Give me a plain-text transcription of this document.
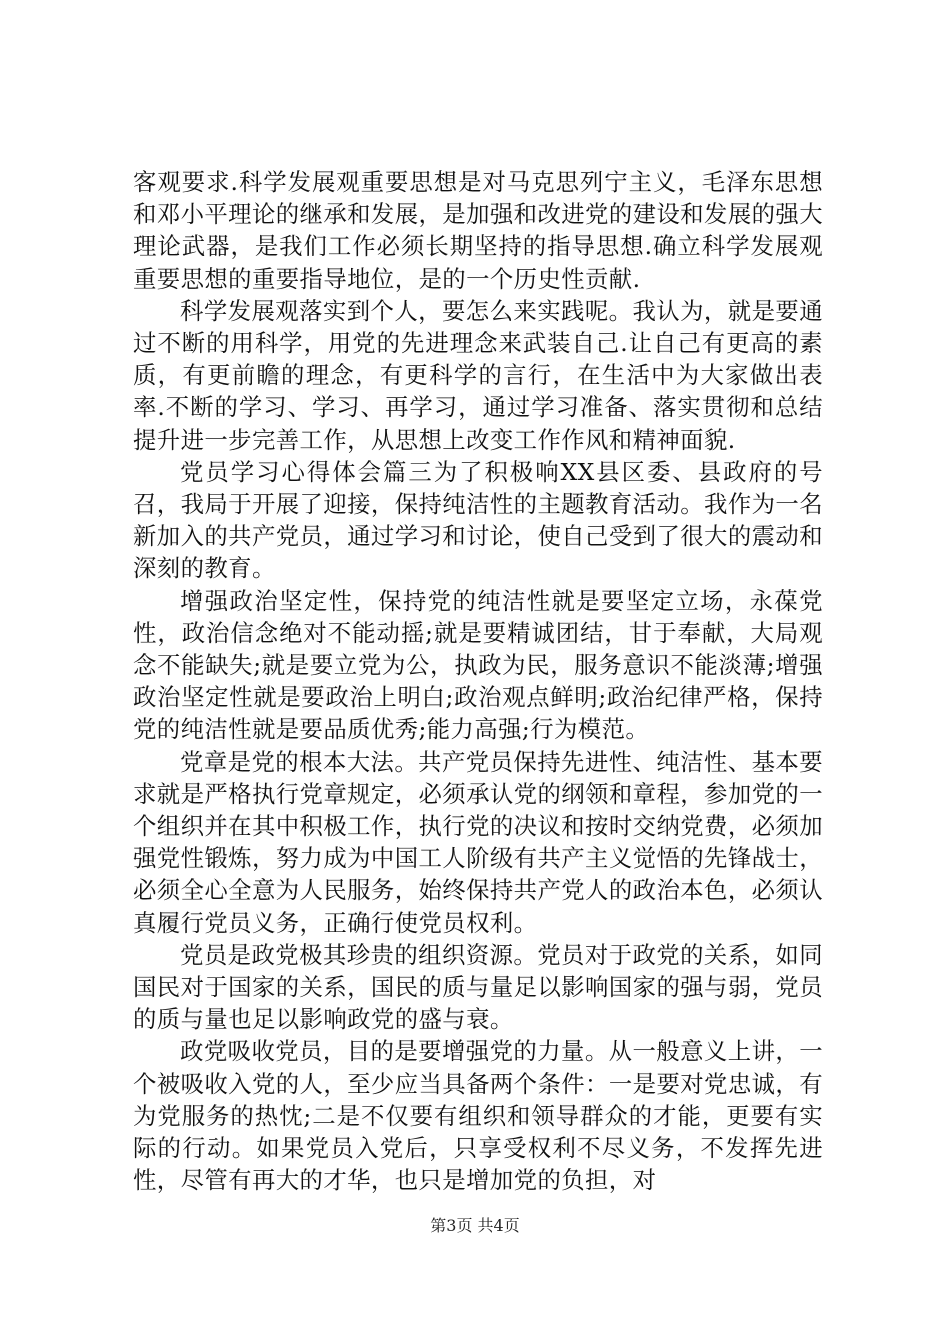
客观要求.科学发展观重要思想是对马克思列宁主义，毛泽东思想和邓小平理论的继承和发展，是加强和改进党的建设和发展的强大理论武器，是我们工作必须长期坚持的指导思想.确立科学发展观重要思想的重要指导地位，是的一个历史性贡献.

科学发展观落实到个人，要怎么来实践呢。我认为，就是要通过不断的用科学，用党的先进理念来武装自己.让自己有更高的素质，有更前瞻的理念，有更科学的言行，在生活中为大家做出表率.不断的学习、学习、再学习，通过学习准备、落实贯彻和总结提升进一步完善工作，从思想上改变工作作风和精神面貌.

党员学习心得体会篇三为了积极响XX县区委、县政府的号召，我局于开展了迎接，保持纯洁性的主题教育活动。我作为一名新加入的共产党员，通过学习和讨论，使自己受到了很大的震动和深刻的教育。

增强政治坚定性，保持党的纯洁性就是要坚定立场，永葆党性，政治信念绝对不能动摇;就是要精诚团结，甘于奉献，大局观念不能缺失;就是要立党为公，执政为民，服务意识不能淡薄;增强政治坚定性就是要政治上明白;政治观点鲜明;政治纪律严格，保持党的纯洁性就是要品质优秀;能力高强;行为模范。

党章是党的根本大法。共产党员保持先进性、纯洁性、基本要求就是严格执行党章规定，必须承认党的纲领和章程，参加党的一个组织并在其中积极工作，执行党的决议和按时交纳党费，必须加强党性锻炼，努力成为中国工人阶级有共产主义觉悟的先锋战士，必须全心全意为人民服务，始终保持共产党人的政治本色，必须认真履行党员义务，正确行使党员权利。

党员是政党极其珍贵的组织资源。党员对于政党的关系，如同国民对于国家的关系，国民的质与量足以影响国家的强与弱，党员的质与量也足以影响政党的盛与衰。

政党吸收党员，目的是要增强党的力量。从一般意义上讲，一个被吸收入党的人，至少应当具备两个条件：一是要对党忠诚，有为党服务的热忱;二是不仅要有组织和领导群众的才能，更要有实际的行动。如果党员入党后，只享受权利不尽义务，不发挥先进性，尽管有再大的才华，也只是增加党的负担，对

第3页 共4页
